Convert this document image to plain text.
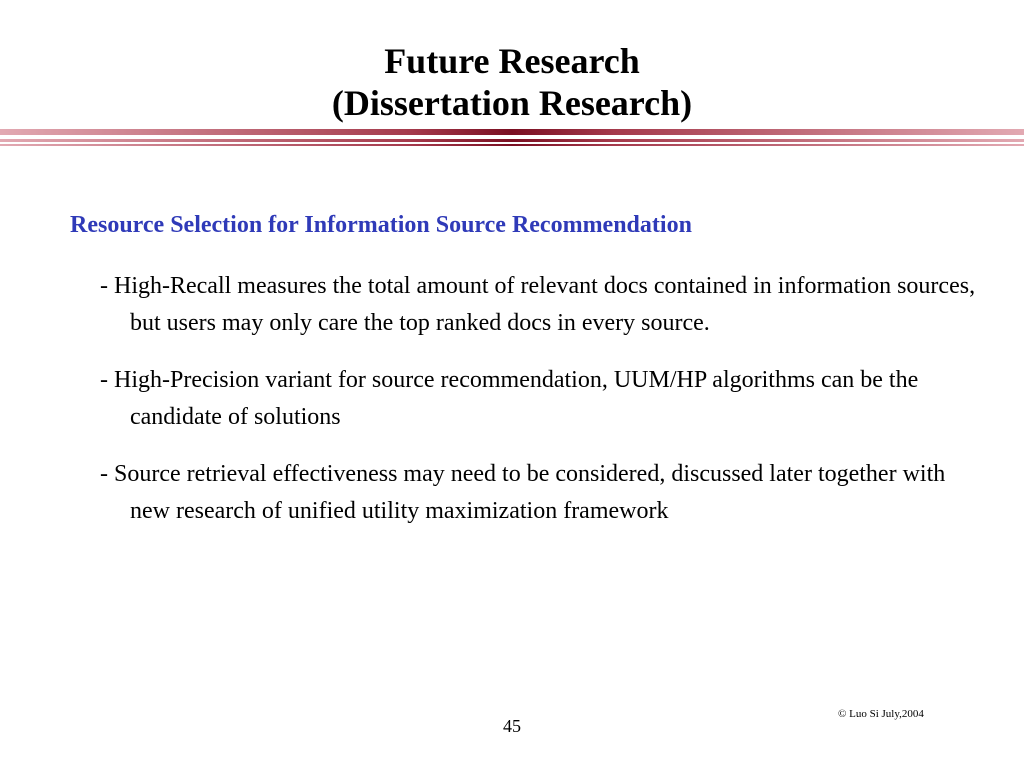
Future Research
(Dissertation Research)
Resource Selection for Information Source Recommendation

- High-Recall measures the total amount of relevant docs contained in information sources, but users may only care the top ranked docs in every source.

- High-Precision variant for source recommendation, UUM/HP algorithms can be the candidate of solutions

- Source retrieval effectiveness may need to be considered, discussed later together with new research of unified utility maximization framework

© Luo Si July,2004
45
